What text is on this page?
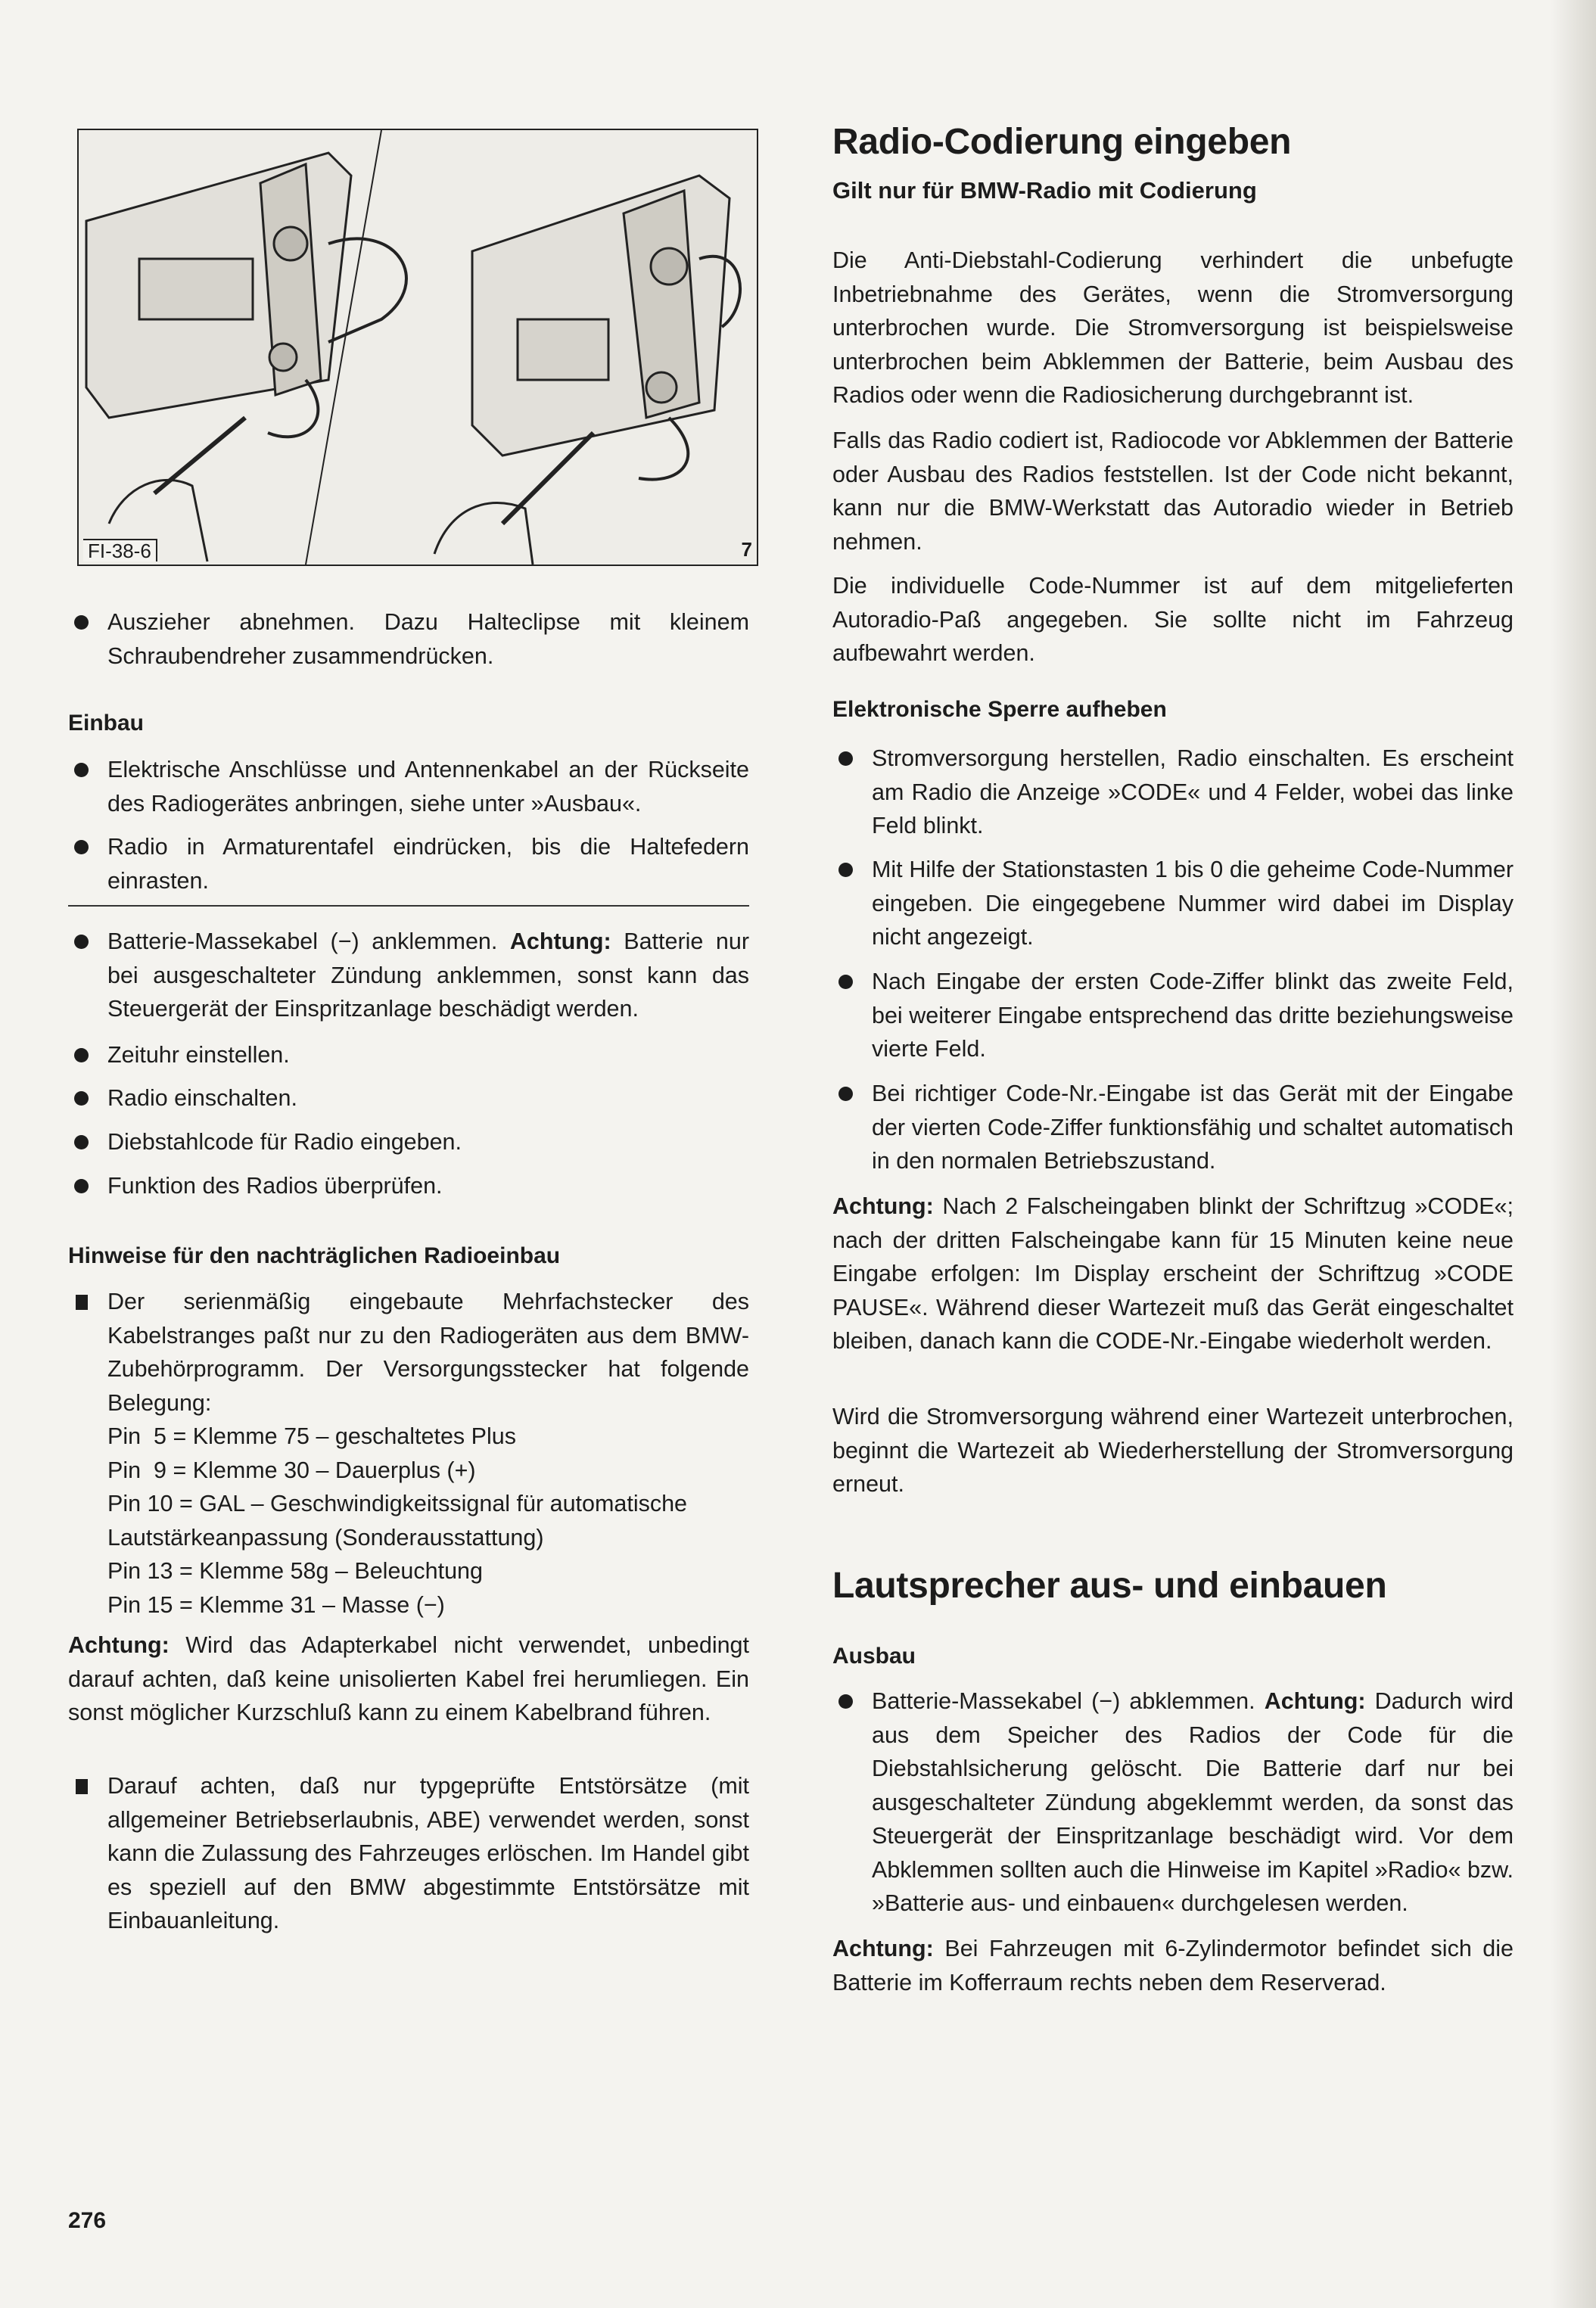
FI-38-6	7
Auszieher abnehmen. Dazu Halteclipse mit kleinem Schraubendreher zusammendrücken.
Einbau
Elektrische Anschlüsse und Antennenkabel an der Rückseite des Radiogerätes anbringen, siehe unter »Ausbau«.
Radio in Armaturentafel eindrücken, bis die Haltefedern einrasten.
Batterie-Massekabel (−) anklemmen. Achtung: Batterie nur bei ausgeschalteter Zündung anklemmen, sonst kann das Steuergerät der Einspritzanlage beschädigt werden.
Zeituhr einstellen.
Radio einschalten.
Diebstahlcode für Radio eingeben.
Funktion des Radios überprüfen.
Hinweise für den nachträglichen Radioeinbau
Der serienmäßig eingebaute Mehrfachstecker des Kabelstranges paßt nur zu den Radiogeräten aus dem BMW-Zubehörprogramm. Der Versorgungsstecker hat folgende Belegung:
Pin  5 = Klemme 75 – geschaltetes Plus
Pin  9 = Klemme 30 – Dauerplus (+)
Pin 10 = GAL – Geschwindigkeitssignal für automatische
Lautstärkeanpassung (Sonderausstattung)
Pin 13 = Klemme 58g – Beleuchtung
Pin 15 = Klemme 31 – Masse (−)
Achtung: Wird das Adapterkabel nicht verwendet, unbedingt darauf achten, daß keine unisolierten Kabel frei herumliegen. Ein sonst möglicher Kurzschluß kann zu einem Kabelbrand führen.
Darauf achten, daß nur typgeprüfte Entstörsätze (mit allgemeiner Betriebserlaubnis, ABE) verwendet werden, sonst kann die Zulassung des Fahrzeuges erlöschen. Im Handel gibt es speziell auf den BMW abgestimmte Entstörsätze mit Einbauanleitung.
276
Radio-Codierung eingeben
Gilt nur für BMW-Radio mit Codierung
Die Anti-Diebstahl-Codierung verhindert die unbefugte Inbetriebnahme des Gerätes, wenn die Stromversorgung unterbrochen wurde. Die Stromversorgung ist beispielsweise unterbrochen beim Abklemmen der Batterie, beim Ausbau des Radios oder wenn die Radiosicherung durchgebrannt ist.
Falls das Radio codiert ist, Radiocode vor Abklemmen der Batterie oder Ausbau des Radios feststellen. Ist der Code nicht bekannt, kann nur die BMW-Werkstatt das Autoradio wieder in Betrieb nehmen.
Die individuelle Code-Nummer ist auf dem mitgelieferten Autoradio-Paß angegeben. Sie sollte nicht im Fahrzeug aufbewahrt werden.
Elektronische Sperre aufheben
Stromversorgung herstellen, Radio einschalten. Es erscheint am Radio die Anzeige »CODE« und 4 Felder, wobei das linke Feld blinkt.
Mit Hilfe der Stationstasten 1 bis 0 die geheime Code-Nummer eingeben. Die eingegebene Nummer wird dabei im Display nicht angezeigt.
Nach Eingabe der ersten Code-Ziffer blinkt das zweite Feld, bei weiterer Eingabe entsprechend das dritte beziehungsweise vierte Feld.
Bei richtiger Code-Nr.-Eingabe ist das Gerät mit der Eingabe der vierten Code-Ziffer funktionsfähig und schaltet automatisch in den normalen Betriebszustand.
Achtung: Nach 2 Falscheingaben blinkt der Schriftzug »CODE«; nach der dritten Falscheingabe kann für 15 Minuten keine neue Eingabe erfolgen: Im Display erscheint der Schriftzug »CODE PAUSE«. Während dieser Wartezeit muß das Gerät eingeschaltet bleiben, danach kann die CODE-Nr.-Eingabe wiederholt werden.
Wird die Stromversorgung während einer Wartezeit unterbrochen, beginnt die Wartezeit ab Wiederherstellung der Stromversorgung erneut.
Lautsprecher aus- und einbauen
Ausbau
Batterie-Massekabel (−) abklemmen. Achtung: Dadurch wird aus dem Speicher des Radios der Code für die Diebstahlsicherung gelöscht. Die Batterie darf nur bei ausgeschalteter Zündung abgeklemmt werden, da sonst das Steuergerät der Einspritzanlage beschädigt wird. Vor dem Abklemmen sollten auch die Hinweise im Kapitel »Radio« bzw. »Batterie aus- und einbauen« durchgelesen werden.
Achtung: Bei Fahrzeugen mit 6-Zylindermotor befindet sich die Batterie im Kofferraum rechts neben dem Reserverad.
